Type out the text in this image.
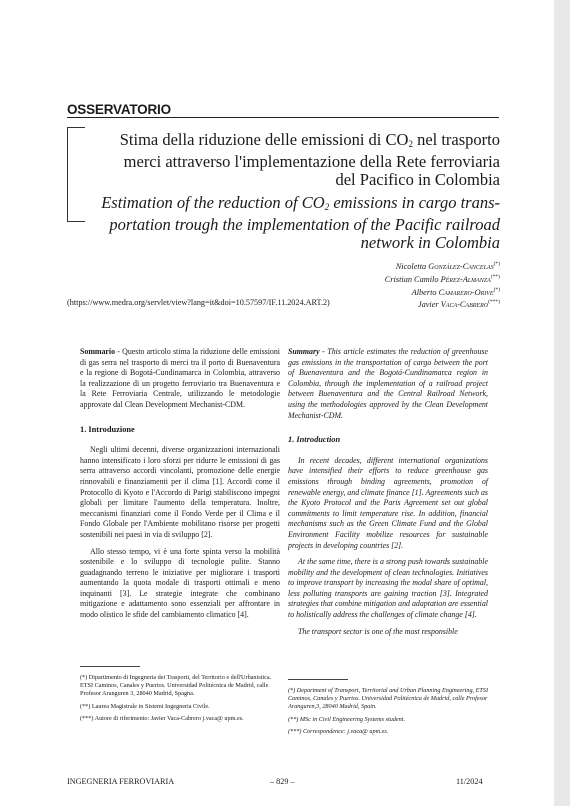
OSSERVATORIO
Stima della riduzione delle emissioni di $CO_2$ nel trasporto merci attraverso l'implementazione della Rete ferroviaria del Pacifico in Colombia
Estimation of the reduction of $CO_2$ emissions in cargo trans-portation trough the implementation of the Pacific railroad network in Colombia
Nicoletta González-Cancelas(*)
Cristian Camilo Pérez-Almanza(**)
Alberto Camarero-Orive(*)
Javier Vaca-Cabrero(***)
(https://www.medra.org/servlet/view?lang=it&doi=10.57597/IF.11.2024.ART.2)

Sommario - Questo articolo stima la riduzione delle emissioni di gas serra nel trasporto di merci tra il porto di Buenaventura e la regione di Bogotá-Cundinamarca in Colombia, attraverso la realizzazione di un progetto ferroviario tra Buenaventura e la Rete Ferroviaria Centrale, utilizzando le metodologie approvate dal Clean Development Mechanist-CDM.

1. Introduzione

Negli ultimi decenni, diverse organizzazioni internazionali hanno intensificato i loro sforzi per ridurre le emissioni di gas serra attraverso accordi vincolanti, promozione delle energie rinnovabili e finanziamenti per il clima [1]. Accordi come il Protocollo di Kyoto e l'Accordo di Parigi stabiliscono impegni globali per limitare l'aumento della temperatura. Inoltre, meccanismi finanziari come il Fondo Verde per il Clima e il Fondo Globale per l'Ambiente mobilitano risorse per progetti sostenibili nei paesi in via di sviluppo [2].

Allo stesso tempo, vi è una forte spinta verso la mobilità sostenibile e lo sviluppo di tecnologie pulite. Stanno guadagnando terreno le iniziative per migliorare i trasporti aumentando la quota modale di trasporti ottimali e meno inquinanti [3]. Le strategie integrate che combinano mitigazione e adattamento sono essenziali per affrontare in modo olistico le sfide del cambiamento climatico [4].

(*) Dipartimento di Ingegneria dei Trasporti, del Territorio e dell'Urbanistica. ETSI Caminos, Canales y Puertos. Universidad Politécnica de Madrid, calle Profesor Aranguren 3, 28040 Madrid, Spagna.

(**) Laurea Magistrale in Sistemi Ingegneria Civile.

(***) Autore di riferimento: Javier Vaca-Cabrero j.vaca@ upm.es.

Summary - This article estimates the reduction of greenhouse gas emissions in the transportation of cargo between the port of Buenaventura and the Bogotá-Cundinamarca region in Colombia, through the implementation of a railroad project between Buenaventura and the Central Railroad Network, using the methodologies approved by the Clean Development Mechanist-CDM.

1. Introduction

In recent decades, different international organizations have intensified their efforts to reduce greenhouse gas emissions through binding agreements, promotion of renewable energy, and climate finance [1]. Agreements such as the Kyoto Protocol and the Paris Agreement set out global commitments to limit temperature rise. In addition, financial mechanisms such as the Green Climate Fund and the Global Environment Facility mobilize resources for sustainable projects in developing countries [2].

At the same time, there is a strong push towards sustainable mobility and the development of clean technologies. Initiatives to improve transport by increasing the modal share of optimal, less polluting transports are gaining traction [3]. Integrated strategies that combine mitigation and adaptation are essential to holistically address the challenges of climate change [4].

The transport sector is one of the most responsible

(*) Department of Transport, Territorial and Urban Planning Engineering, ETSI Caminos, Canales y Puertos. Universidad Politécnica de Madrid, calle Profesor Aranguren,3, 28040 Madrid, Spain.

(**) MSc in Civil Engineering Systems student.

(***) Correspondence: j.vaca@ upm.es.

INGEGNERIA FERROVIARIA	– 829 –	11/2024
